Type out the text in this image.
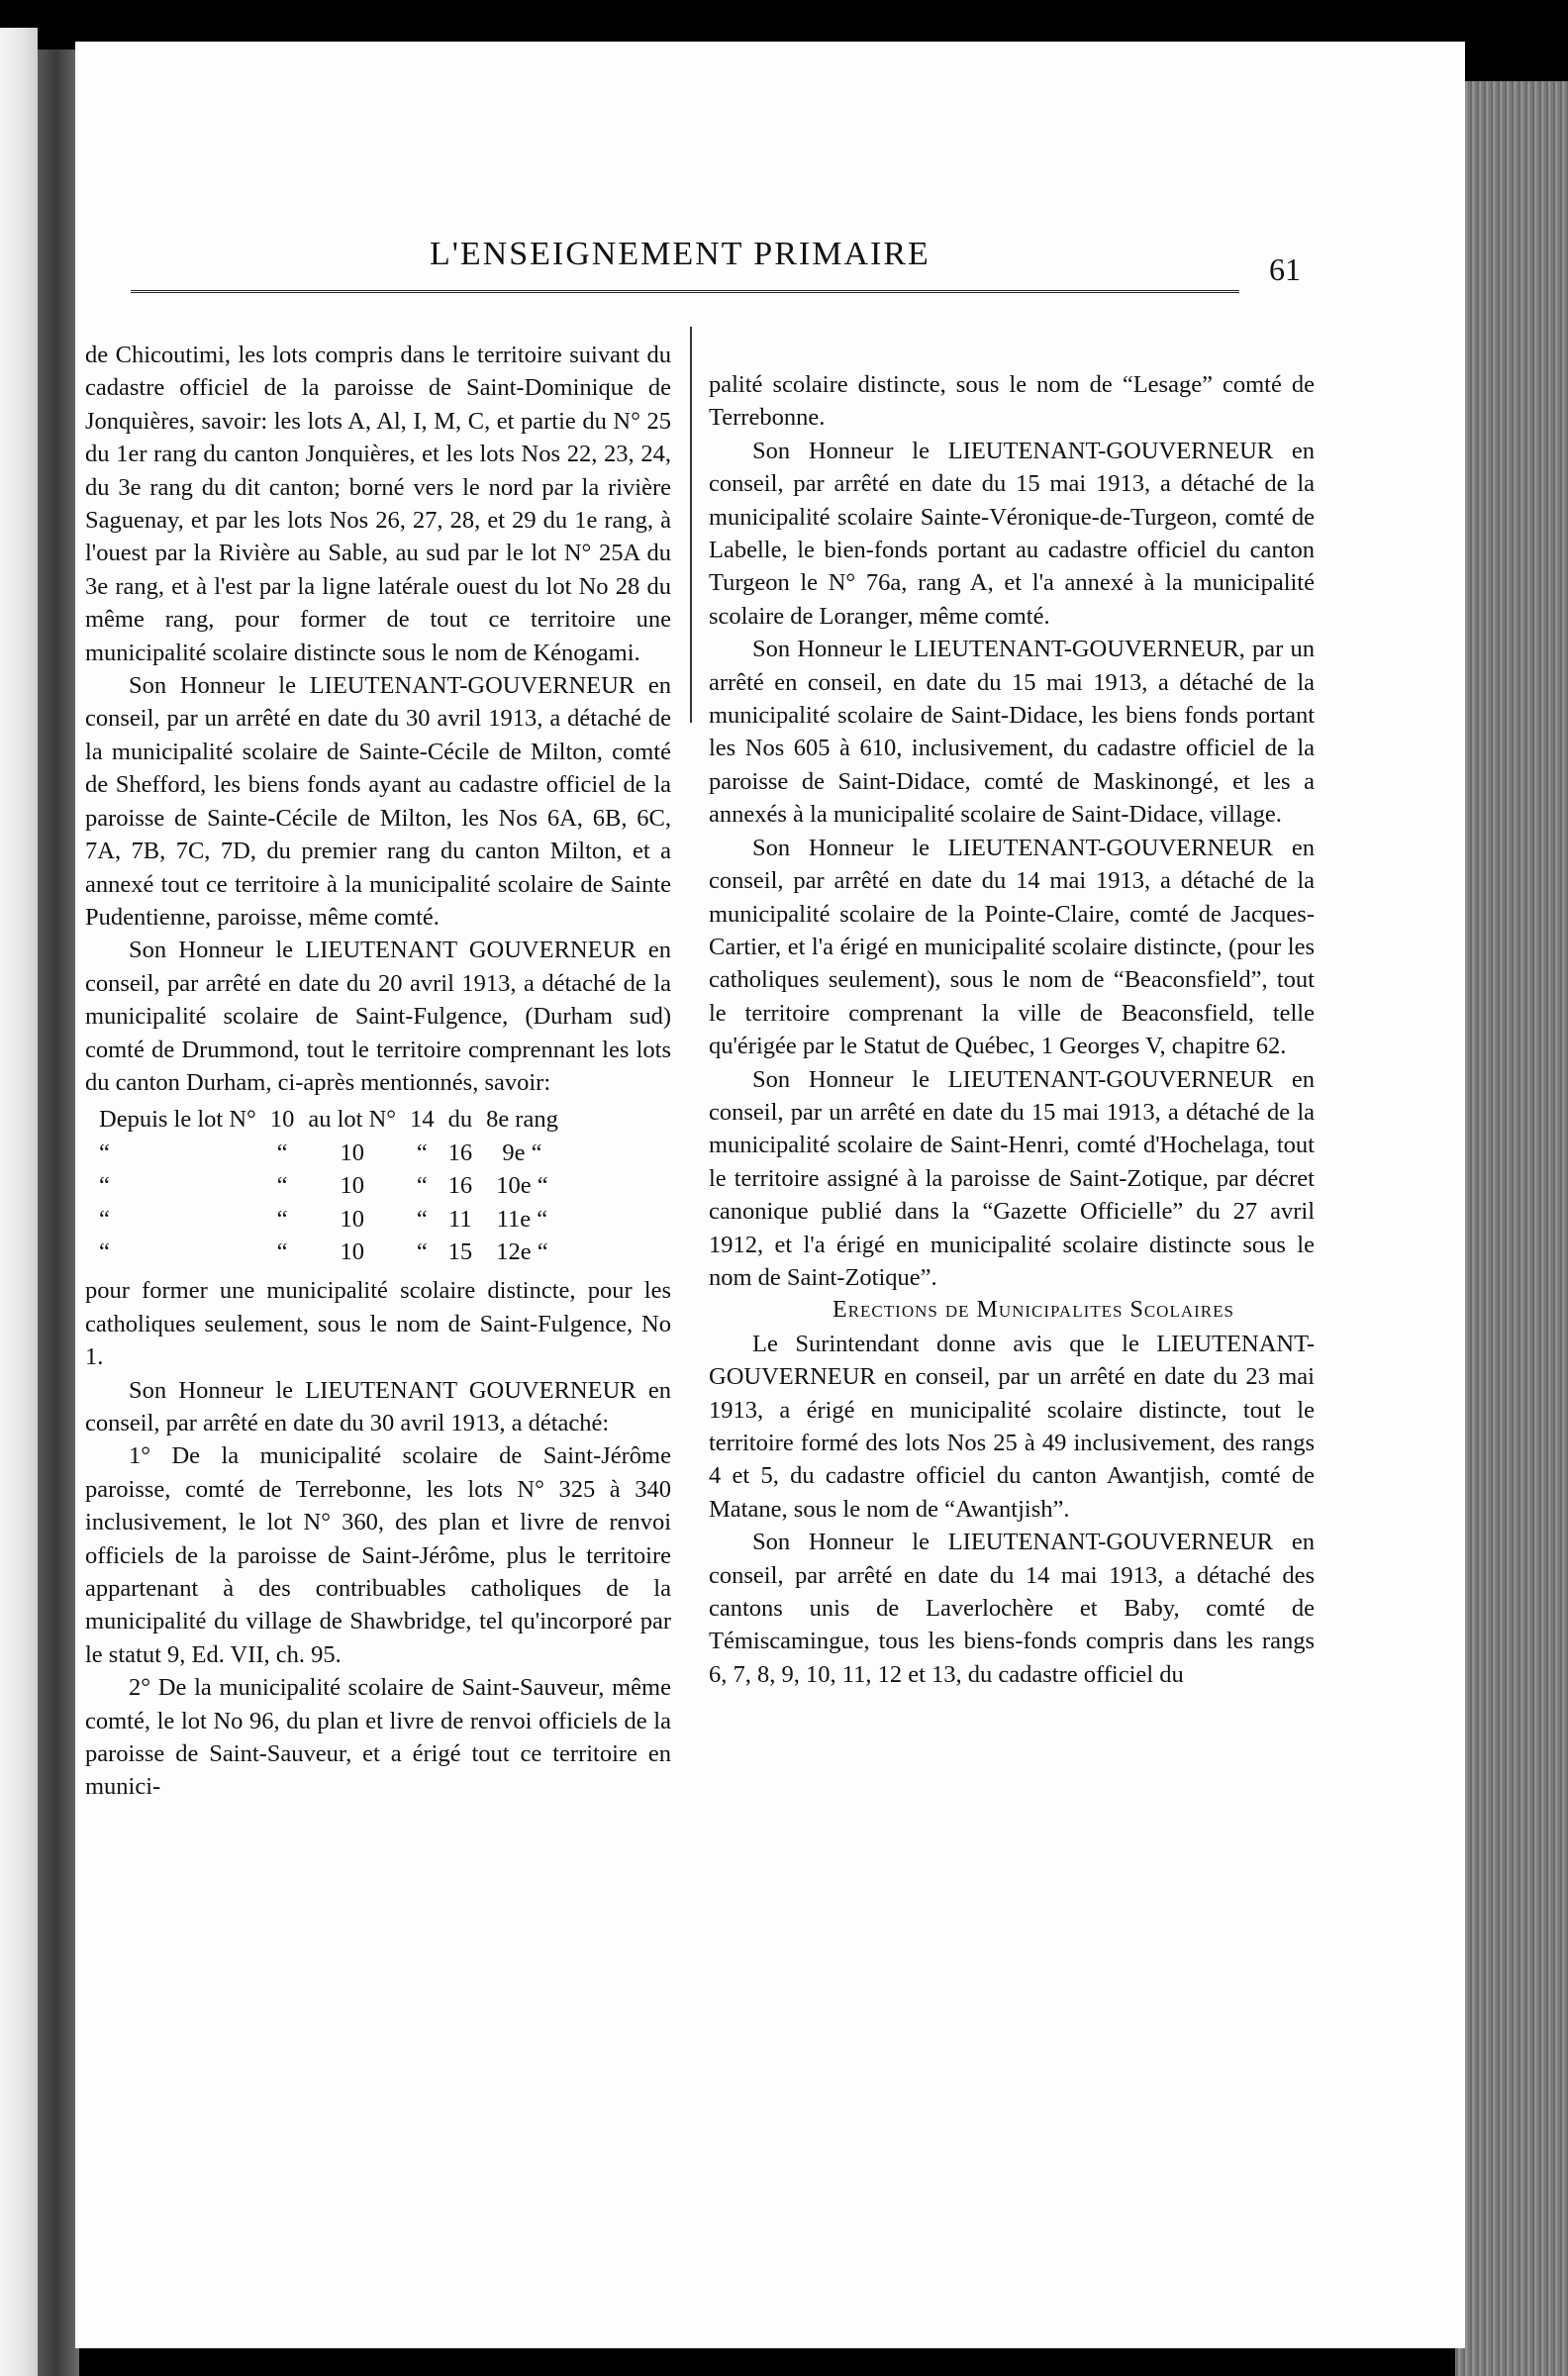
L'ENSEIGNEMENT PRIMAIRE	61

de Chicoutimi, les lots compris dans le territoire suivant du cadastre officiel de la paroisse de Saint-Dominique de Jonquières, savoir: les lots A, Al, I, M, C, et partie du N° 25 du 1er rang du canton Jonquières, et les lots Nos 22, 23, 24, du 3e rang du dit canton; borné vers le nord par la rivière Saguenay, et par les lots Nos 26, 27, 28, et 29 du 1e rang, à l'ouest par la Rivière au Sable, au sud par le lot N° 25A du 3e rang, et à l'est par la ligne latérale ouest du lot No 28 du même rang, pour former de tout ce territoire une municipalité scolaire distincte sous le nom de Kénogami.

Son Honneur le LIEUTENANT-GOUVERNEUR en conseil, par un arrêté en date du 30 avril 1913, a détaché de la municipalité scolaire de Sainte-Cécile de Milton, comté de Shefford, les biens fonds ayant au cadastre officiel de la paroisse de Sainte-Cécile de Milton, les Nos 6A, 6B, 6C, 7A, 7B, 7C, 7D, du premier rang du canton Milton, et a annexé tout ce territoire à la municipalité scolaire de Sainte Pudentienne, paroisse, même comté.

Son Honneur le LIEUTENANT GOUVERNEUR en conseil, par arrêté en date du 20 avril 1913, a détaché de la municipalité scolaire de Saint-Fulgence, (Durham sud) comté de Drummond, tout le territoire comprennant les lots du canton Durham, ci-après mentionnés, savoir:

Depuis le lot N°	10	au lot N°	14	du	8e rang
“	“	10	“	16	9e “
“	“	10	“	16	10e “
“	“	10	“	11	11e “
“	“	10	“	15	12e “

pour former une municipalité scolaire distincte, pour les catholiques seulement, sous le nom de Saint-Fulgence, No 1.

Son Honneur le LIEUTENANT GOUVERNEUR en conseil, par arrêté en date du 30 avril 1913, a détaché:

1° De la municipalité scolaire de Saint-Jérôme paroisse, comté de Terrebonne, les lots N° 325 à 340 inclusivement, le lot N° 360, des plan et livre de renvoi officiels de la paroisse de Saint-Jérôme, plus le territoire appartenant à des contribuables catholiques de la municipalité du village de Shawbridge, tel qu'incorporé par le statut 9, Ed. VII, ch. 95.

2° De la municipalité scolaire de Saint-Sauveur, même comté, le lot No 96, du plan et livre de renvoi officiels de la paroisse de Saint-Sauveur, et a érigé tout ce territoire en munici-

palité scolaire distincte, sous le nom de “Lesage” comté de Terrebonne.

Son Honneur le LIEUTENANT-GOUVERNEUR en conseil, par arrêté en date du 15 mai 1913, a détaché de la municipalité scolaire Sainte-Véronique-de-Turgeon, comté de Labelle, le bien-fonds portant au cadastre officiel du canton Turgeon le N° 76a, rang A, et l'a annexé à la municipalité scolaire de Loranger, même comté.

Son Honneur le LIEUTENANT-GOUVERNEUR, par un arrêté en conseil, en date du 15 mai 1913, a détaché de la municipalité scolaire de Saint-Didace, les biens fonds portant les Nos 605 à 610, inclusivement, du cadastre officiel de la paroisse de Saint-Didace, comté de Maskinongé, et les a annexés à la municipalité scolaire de Saint-Didace, village.

Son Honneur le LIEUTENANT-GOUVERNEUR en conseil, par arrêté en date du 14 mai 1913, a détaché de la municipalité scolaire de la Pointe-Claire, comté de Jacques-Cartier, et l'a érigé en municipalité scolaire distincte, (pour les catholiques seulement), sous le nom de “Beaconsfield”, tout le territoire comprenant la ville de Beaconsfield, telle qu'érigée par le Statut de Québec, 1 Georges V, chapitre 62.

Son Honneur le LIEUTENANT-GOUVERNEUR en conseil, par un arrêté en date du 15 mai 1913, a détaché de la municipalité scolaire de Saint-Henri, comté d'Hochelaga, tout le territoire assigné à la paroisse de Saint-Zotique, par décret canonique publié dans la “Gazette Officielle” du 27 avril 1912, et l'a érigé en municipalité scolaire distincte sous le nom de Saint-Zotique”.

Erections de Municipalites Scolaires

Le Surintendant donne avis que le LIEUTENANT-GOUVERNEUR en conseil, par un arrêté en date du 23 mai 1913, a érigé en municipalité scolaire distincte, tout le territoire formé des lots Nos 25 à 49 inclusivement, des rangs 4 et 5, du cadastre officiel du canton Awantjish, comté de Matane, sous le nom de “Awantjish”.

Son Honneur le LIEUTENANT-GOUVERNEUR en conseil, par arrêté en date du 14 mai 1913, a détaché des cantons unis de Laverlochère et Baby, comté de Témiscamingue, tous les biens-fonds compris dans les rangs 6, 7, 8, 9, 10, 11, 12 et 13, du cadastre officiel du
